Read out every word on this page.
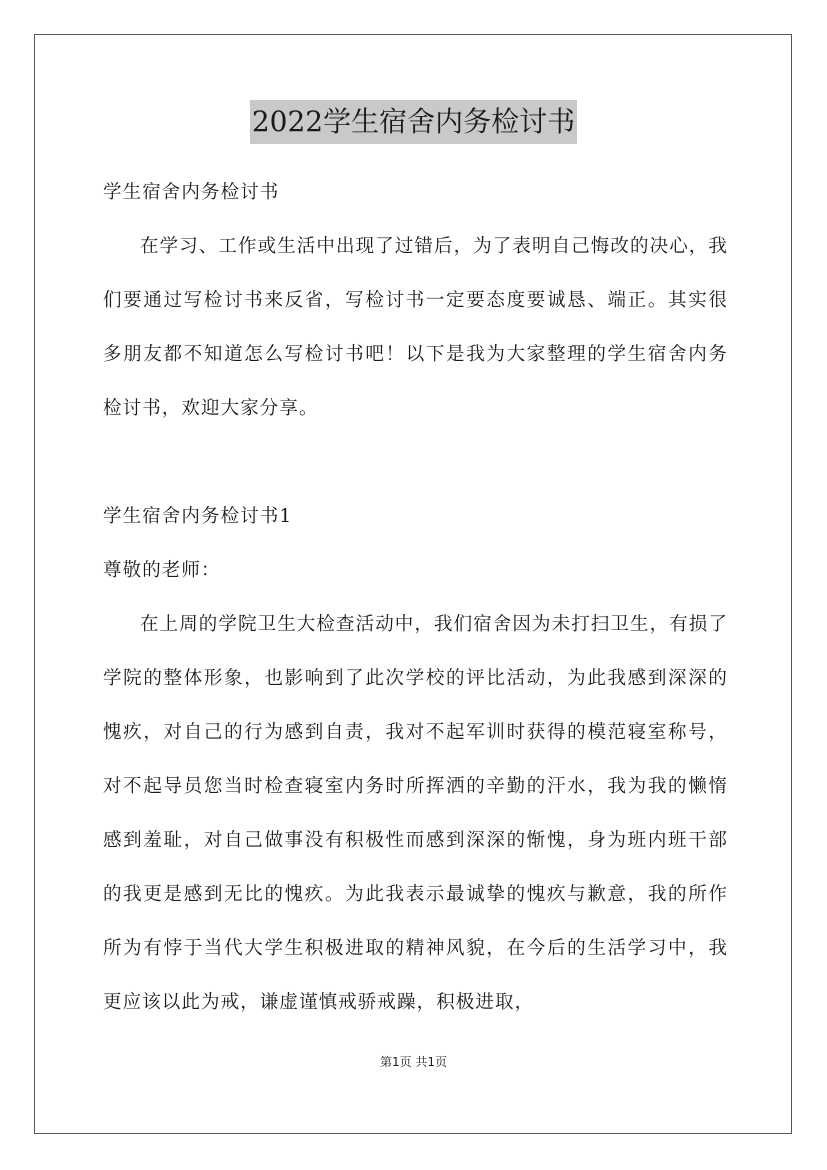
2022学生宿舍内务检讨书

学生宿舍内务检讨书

在学习、工作或生活中出现了过错后，为了表明自己悔改的决心，我们要通过写检讨书来反省，写检讨书一定要态度要诚恳、端正。其实很多朋友都不知道怎么写检讨书吧！以下是我为大家整理的学生宿舍内务检讨书，欢迎大家分享。

学生宿舍内务检讨书1

尊敬的老师：

在上周的学院卫生大检查活动中，我们宿舍因为未打扫卫生，有损了学院的整体形象，也影响到了此次学校的评比活动，为此我感到深深的愧疚，对自己的行为感到自责，我对不起军训时获得的模范寝室称号，对不起导员您当时检查寝室内务时所挥洒的辛勤的汗水，我为我的懒惰感到羞耻，对自己做事没有积极性而感到深深的惭愧，身为班内班干部的我更是感到无比的愧疚。为此我表示最诚挚的愧疚与歉意，我的所作所为有悖于当代大学生积极进取的精神风貌，在今后的生活学习中，我更应该以此为戒，谦虚谨慎戒骄戒躁，积极进取，

第1页 共1页
